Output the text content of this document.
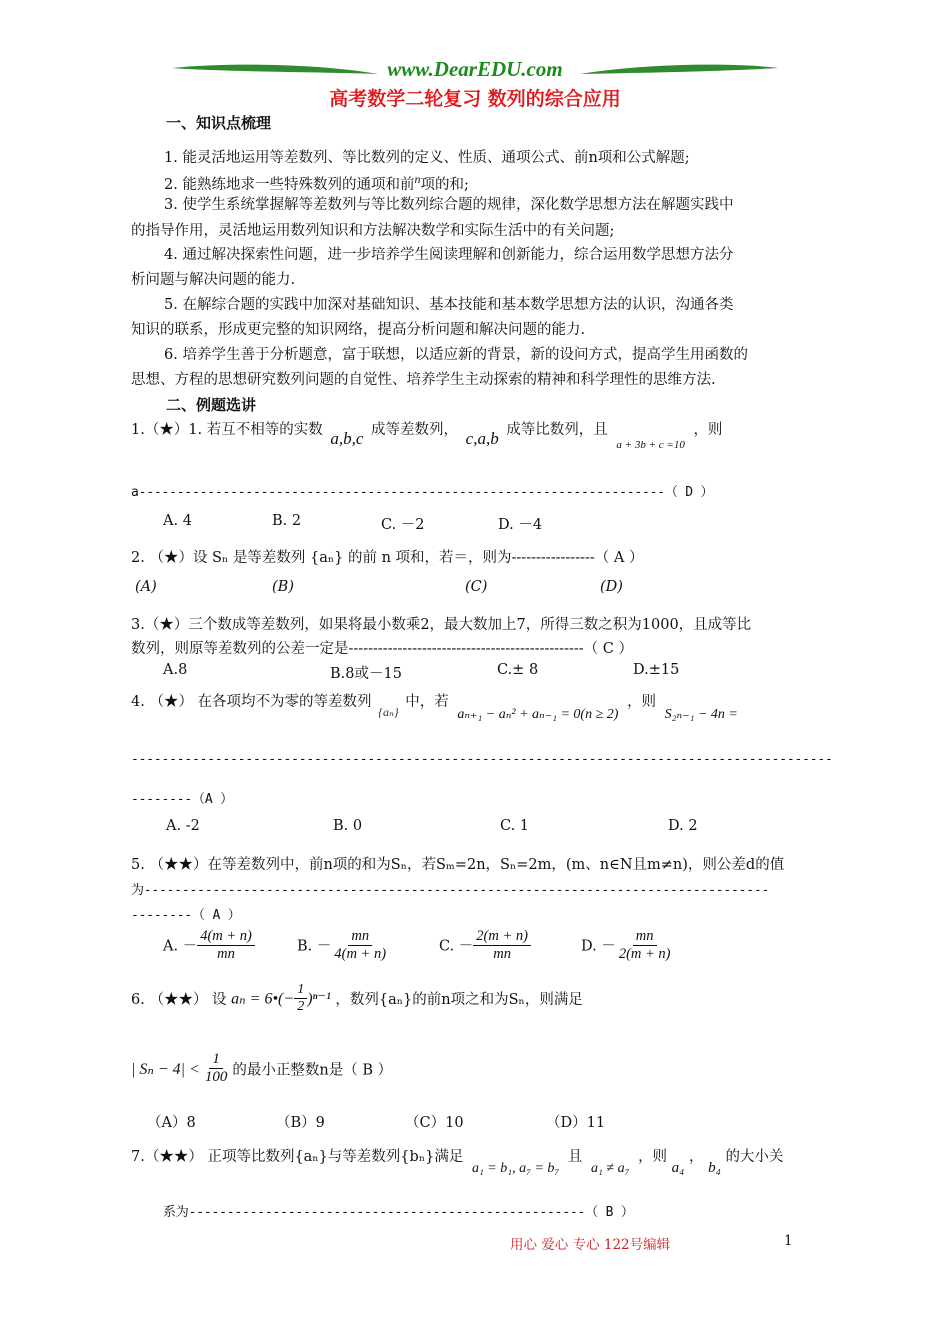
www.DearEDU.com
高考数学二轮复习 数列的综合应用
一、知识点梳理
1. 能灵活地运用等差数列、等比数列的定义、性质、通项公式、前n项和公式解题;
2. 能熟练地求一些特殊数列的通项和前$^n$项的和;
3. 使学生系统掌握解等差数列与等比数列综合题的规律，深化数学思想方法在解题实践中
的指导作用，灵活地运用数列知识和方法解决数学和实际生活中的有关问题;
4. 通过解决探索性问题，进一步培养学生阅读理解和创新能力，综合运用数学思想方法分
析问题与解决问题的能力.
5. 在解综合题的实践中加深对基础知识、基本技能和基本数学思想方法的认识，沟通各类
知识的联系，形成更完整的知识网络，提高分析问题和解决问题的能力.
6. 培养学生善于分析题意，富于联想，以适应新的背景，新的设问方式，提高学生用函数的
思想、方程的思想研究数列问题的自觉性、培养学生主动探索的精神和科学理性的思维方法.
二、例题选讲
1.（★）1. 若互不相等的实数 a,b,c 成等差数列， c,a,b 成等比数列，且 $_{a + 3b + c =10}$ ，则
a---------------------------------------------------------------------（ D ）
A. 4	B. 2	C. －2	D. －4
2. （★）设 Sₙ 是等差数列 {aₙ} 的前 n 项和，若＝，则为-----------------（ A ）
(A)	(B)	(C)	(D)
3.（★）三个数成等差数列，如果将最小数乘2，最大数加上7，所得三数之积为1000，且成等比
数列，则原等差数列的公差一定是------------------------------------------------（ C ）
A.8	B.8或－15	C.± 8	D.±15
4. （★） 在各项均不为零的等差数列 $_{\{a_n\}}$ 中，若 aₙ₊₁ − aₙ² + aₙ₋₁ = 0(n ≥ 2) ，则 S₂ₙ₋₁ − 4n =
--------------------------------------------------------------------------------------------
--------（A ）
A. -2	B. 0	C. 1	D. 2
5. （★★）在等差数列中，前n项的和为Sₙ，若Sₘ=2n，Sₙ=2m，(m、n∈N且m≠n)，则公差d的值
为----------------------------------------------------------------------------------
--------（ A ）
A. － $\frac{4(m + n)}{mn}$	B. － $\frac{mn}{4(m + n)}$	C. － $\frac{2(m + n)}{mn}$	D. － $\frac{mn}{2(m + n)}$
6. （★★） 设 aₙ = 6•(− $\frac{1}{2} )^{n-1}$ ，数列{aₙ}的前n项之和为Sₙ，则满足
| $S_n - 4| < \frac{1}{100}$ 的最小正整数n是（ B ）
（A）8	（B）9	（C）10	（D）11
7.（★★） 正项等比数列{aₙ}与等差数列{bₙ}满足 a₁ = b₁, a₇ = b₇ 且 a₁ ≠ a₇ ，则 a₄ ， b₄ 的大小关
系为----------------------------------------------------（ B ）
用心 爱心 专心 122号编辑	1
